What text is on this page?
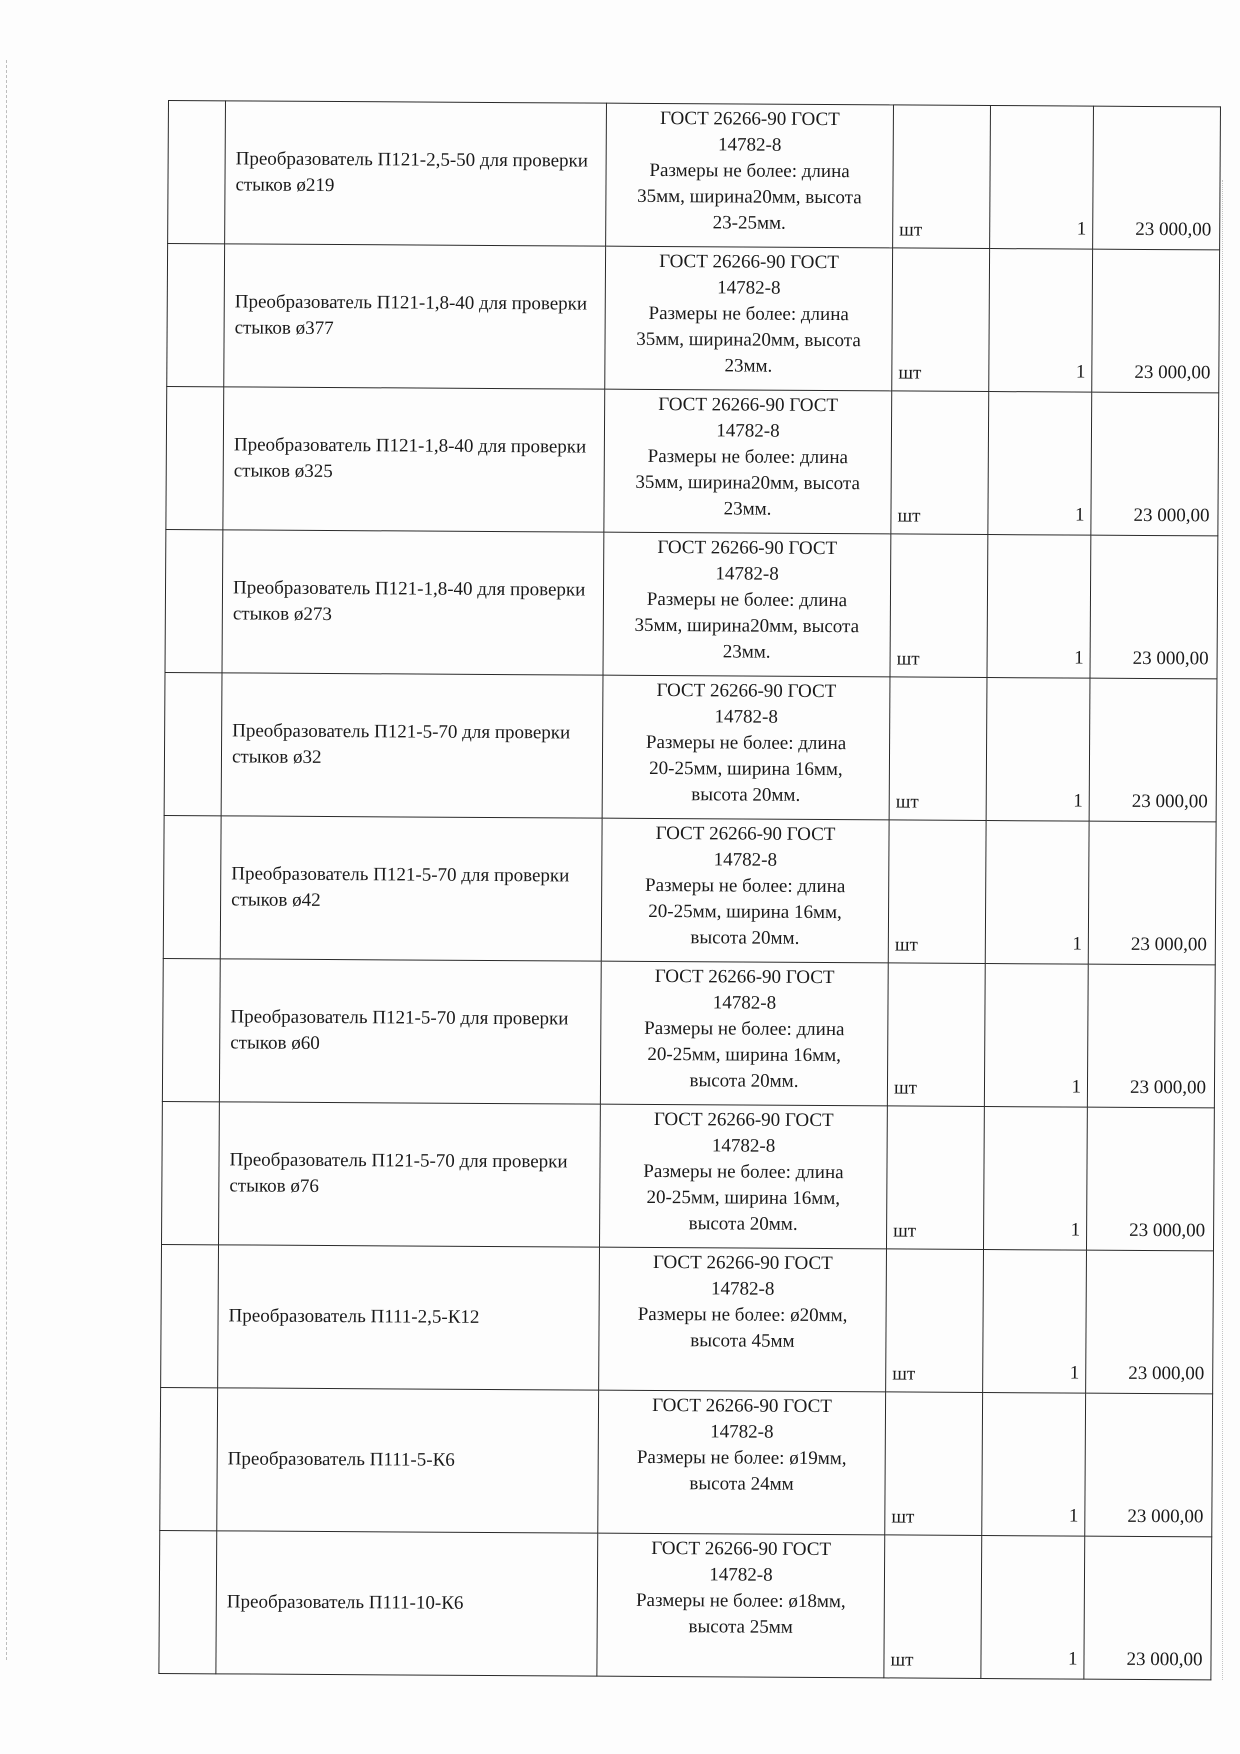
	Преобразователь П121-2,5-50 для проверки стыков ø219	ГОСТ 26266-90 ГОСТ
14782-8
Размеры не более: длина
35мм, ширина20мм, высота
23-25мм.	шт	1	23 000,00
	Преобразователь П121-1,8-40 для проверки стыков ø377	ГОСТ 26266-90 ГОСТ
14782-8
Размеры не более: длина
35мм, ширина20мм, высота
23мм.	шт	1	23 000,00
	Преобразователь П121-1,8-40 для проверки стыков ø325	ГОСТ 26266-90 ГОСТ
14782-8
Размеры не более: длина
35мм, ширина20мм, высота
23мм.	шт	1	23 000,00
	Преобразователь П121-1,8-40 для проверки стыков ø273	ГОСТ 26266-90 ГОСТ
14782-8
Размеры не более: длина
35мм, ширина20мм, высота
23мм.	шт	1	23 000,00
	Преобразователь П121-5-70 для проверки стыков ø32	ГОСТ 26266-90 ГОСТ
14782-8
Размеры не более: длина
20-25мм, ширина 16мм,
высота 20мм.	шт	1	23 000,00
	Преобразователь П121-5-70 для проверки стыков ø42	ГОСТ 26266-90 ГОСТ
14782-8
Размеры не более: длина
20-25мм, ширина 16мм,
высота 20мм.	шт	1	23 000,00
	Преобразователь П121-5-70 для проверки стыков ø60	ГОСТ 26266-90 ГОСТ
14782-8
Размеры не более: длина
20-25мм, ширина 16мм,
высота 20мм.	шт	1	23 000,00
	Преобразователь П121-5-70 для проверки стыков ø76	ГОСТ 26266-90 ГОСТ
14782-8
Размеры не более: длина
20-25мм, ширина 16мм,
высота 20мм.	шт	1	23 000,00
	Преобразователь П111-2,5-К12	ГОСТ 26266-90 ГОСТ
14782-8
Размеры не более: ø20мм,
высота 45мм	шт	1	23 000,00
	Преобразователь П111-5-К6	ГОСТ 26266-90 ГОСТ
14782-8
Размеры не более: ø19мм,
высота 24мм	шт	1	23 000,00
	Преобразователь П111-10-К6	ГОСТ 26266-90 ГОСТ
14782-8
Размеры не более: ø18мм,
высота 25мм	шт	1	23 000,00
